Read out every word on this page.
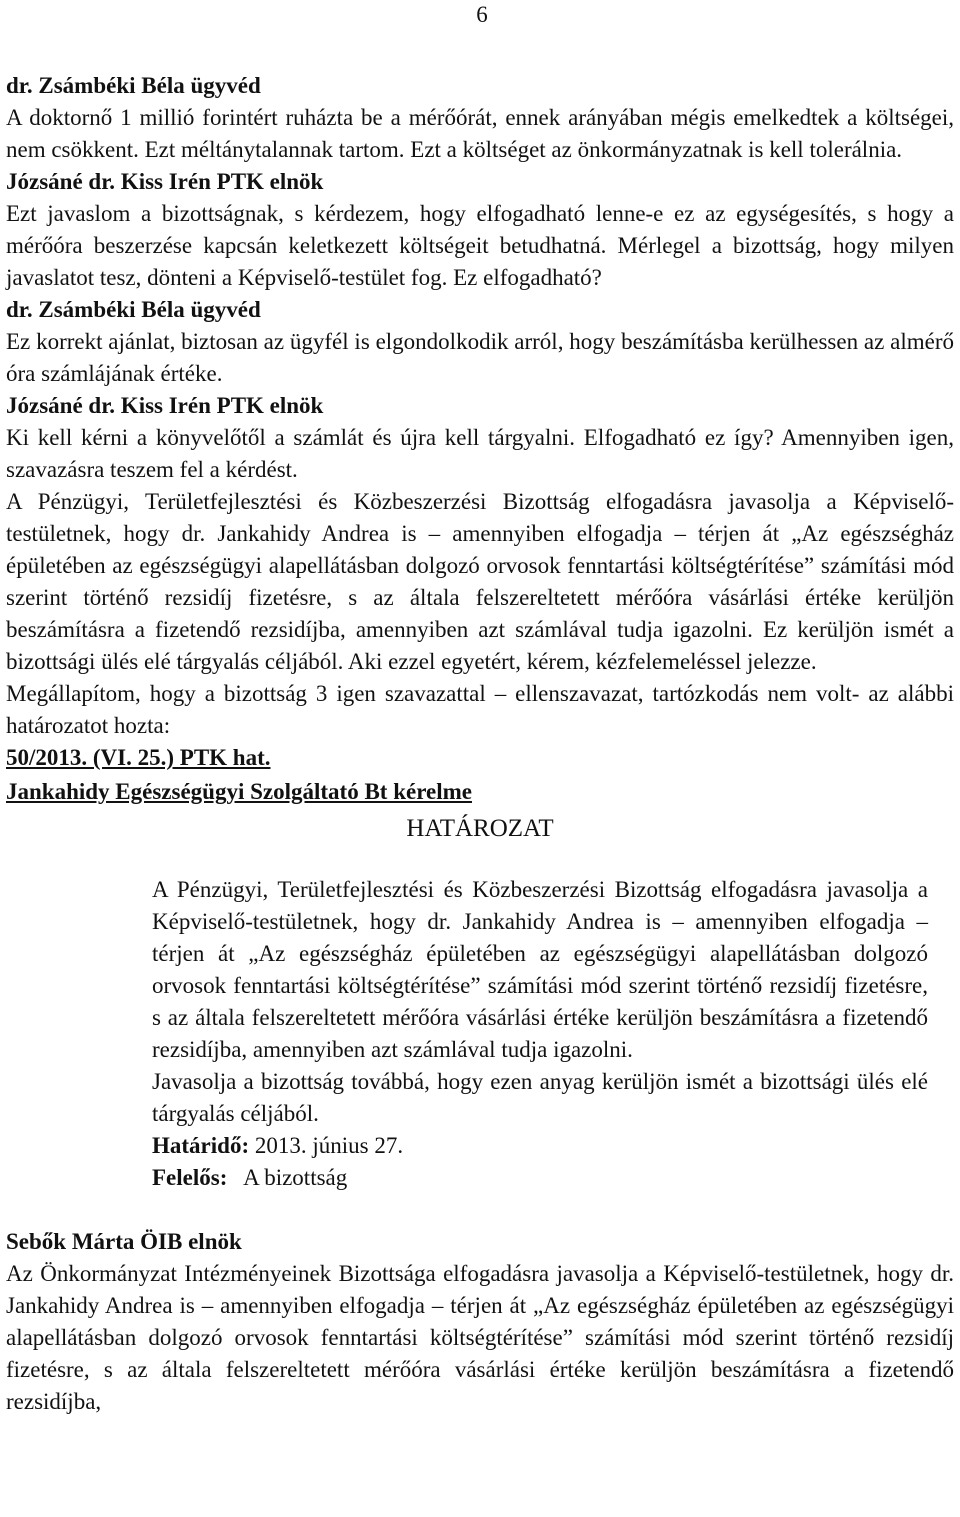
6

dr. Zsámbéki Béla ügyvéd

A doktornő 1 millió forintért ruházta be a mérőórát, ennek arányában mégis emelkedtek a költségei, nem csökkent. Ezt méltánytalannak tartom. Ezt a költséget az önkormányzatnak is kell tolerálnia.

Józsáné dr. Kiss Irén PTK elnök

Ezt javaslom a bizottságnak, s kérdezem, hogy elfogadható lenne-e ez az egységesítés, s hogy a mérőóra beszerzése kapcsán keletkezett költségeit betudhatná. Mérlegel a bizottság, hogy milyen javaslatot tesz, dönteni a Képviselő-testület fog. Ez elfogadható?

dr. Zsámbéki Béla ügyvéd

Ez korrekt ajánlat, biztosan az ügyfél is elgondolkodik arról, hogy beszámításba kerülhessen az almérő óra számlájának értéke.

Józsáné dr. Kiss Irén PTK elnök

Ki kell kérni a könyvelőtől a számlát és újra kell tárgyalni. Elfogadható ez így? Amennyiben igen, szavazásra teszem fel a kérdést.

A Pénzügyi, Területfejlesztési és Közbeszerzési Bizottság elfogadásra javasolja a Képviselő-testületnek, hogy dr. Jankahidy Andrea is – amennyiben elfogadja – térjen át „Az egészségház épületében az egészségügyi alapellátásban dolgozó orvosok fenntartási költségtérítése” számítási mód szerint történő rezsidíj fizetésre, s az általa felszereltetett mérőóra vásárlási értéke kerüljön beszámításra a fizetendő rezsidíjba, amennyiben azt számlával tudja igazolni. Ez kerüljön ismét a bizottsági ülés elé tárgyalás céljából. Aki ezzel egyetért, kérem, kézfelemeléssel jelezze.

Megállapítom, hogy a bizottság 3 igen szavazattal – ellenszavazat, tartózkodás nem volt- az alábbi határozatot hozta:

50/2013. (VI. 25.) PTK hat.

Jankahidy Egészségügyi Szolgáltató Bt kérelme

HATÁROZAT

A Pénzügyi, Területfejlesztési és Közbeszerzési Bizottság elfogadásra javasolja a Képviselő-testületnek, hogy dr. Jankahidy Andrea is – amennyiben elfogadja – térjen át „Az egészségház épületében az egészségügyi alapellátásban dolgozó orvosok fenntartási költségtérítése” számítási mód szerint történő rezsidíj fizetésre, s az általa felszereltetett mérőóra vásárlási értéke kerüljön beszámításra a fizetendő rezsidíjba, amennyiben azt számlával tudja igazolni.

Javasolja a bizottság továbbá, hogy ezen anyag kerüljön ismét a bizottsági ülés elé tárgyalás céljából.

Határidő: 2013. június 27.

Felelős: A bizottság

Sebők Márta ÖIB elnök

Az Önkormányzat Intézményeinek Bizottsága elfogadásra javasolja a Képviselő-testületnek, hogy dr. Jankahidy Andrea is – amennyiben elfogadja – térjen át „Az egészségház épületében az egészségügyi alapellátásban dolgozó orvosok fenntartási költségtérítése” számítási mód szerint történő rezsidíj fizetésre, s az általa felszereltetett mérőóra vásárlási értéke kerüljön beszámításra a fizetendő rezsidíjba,
